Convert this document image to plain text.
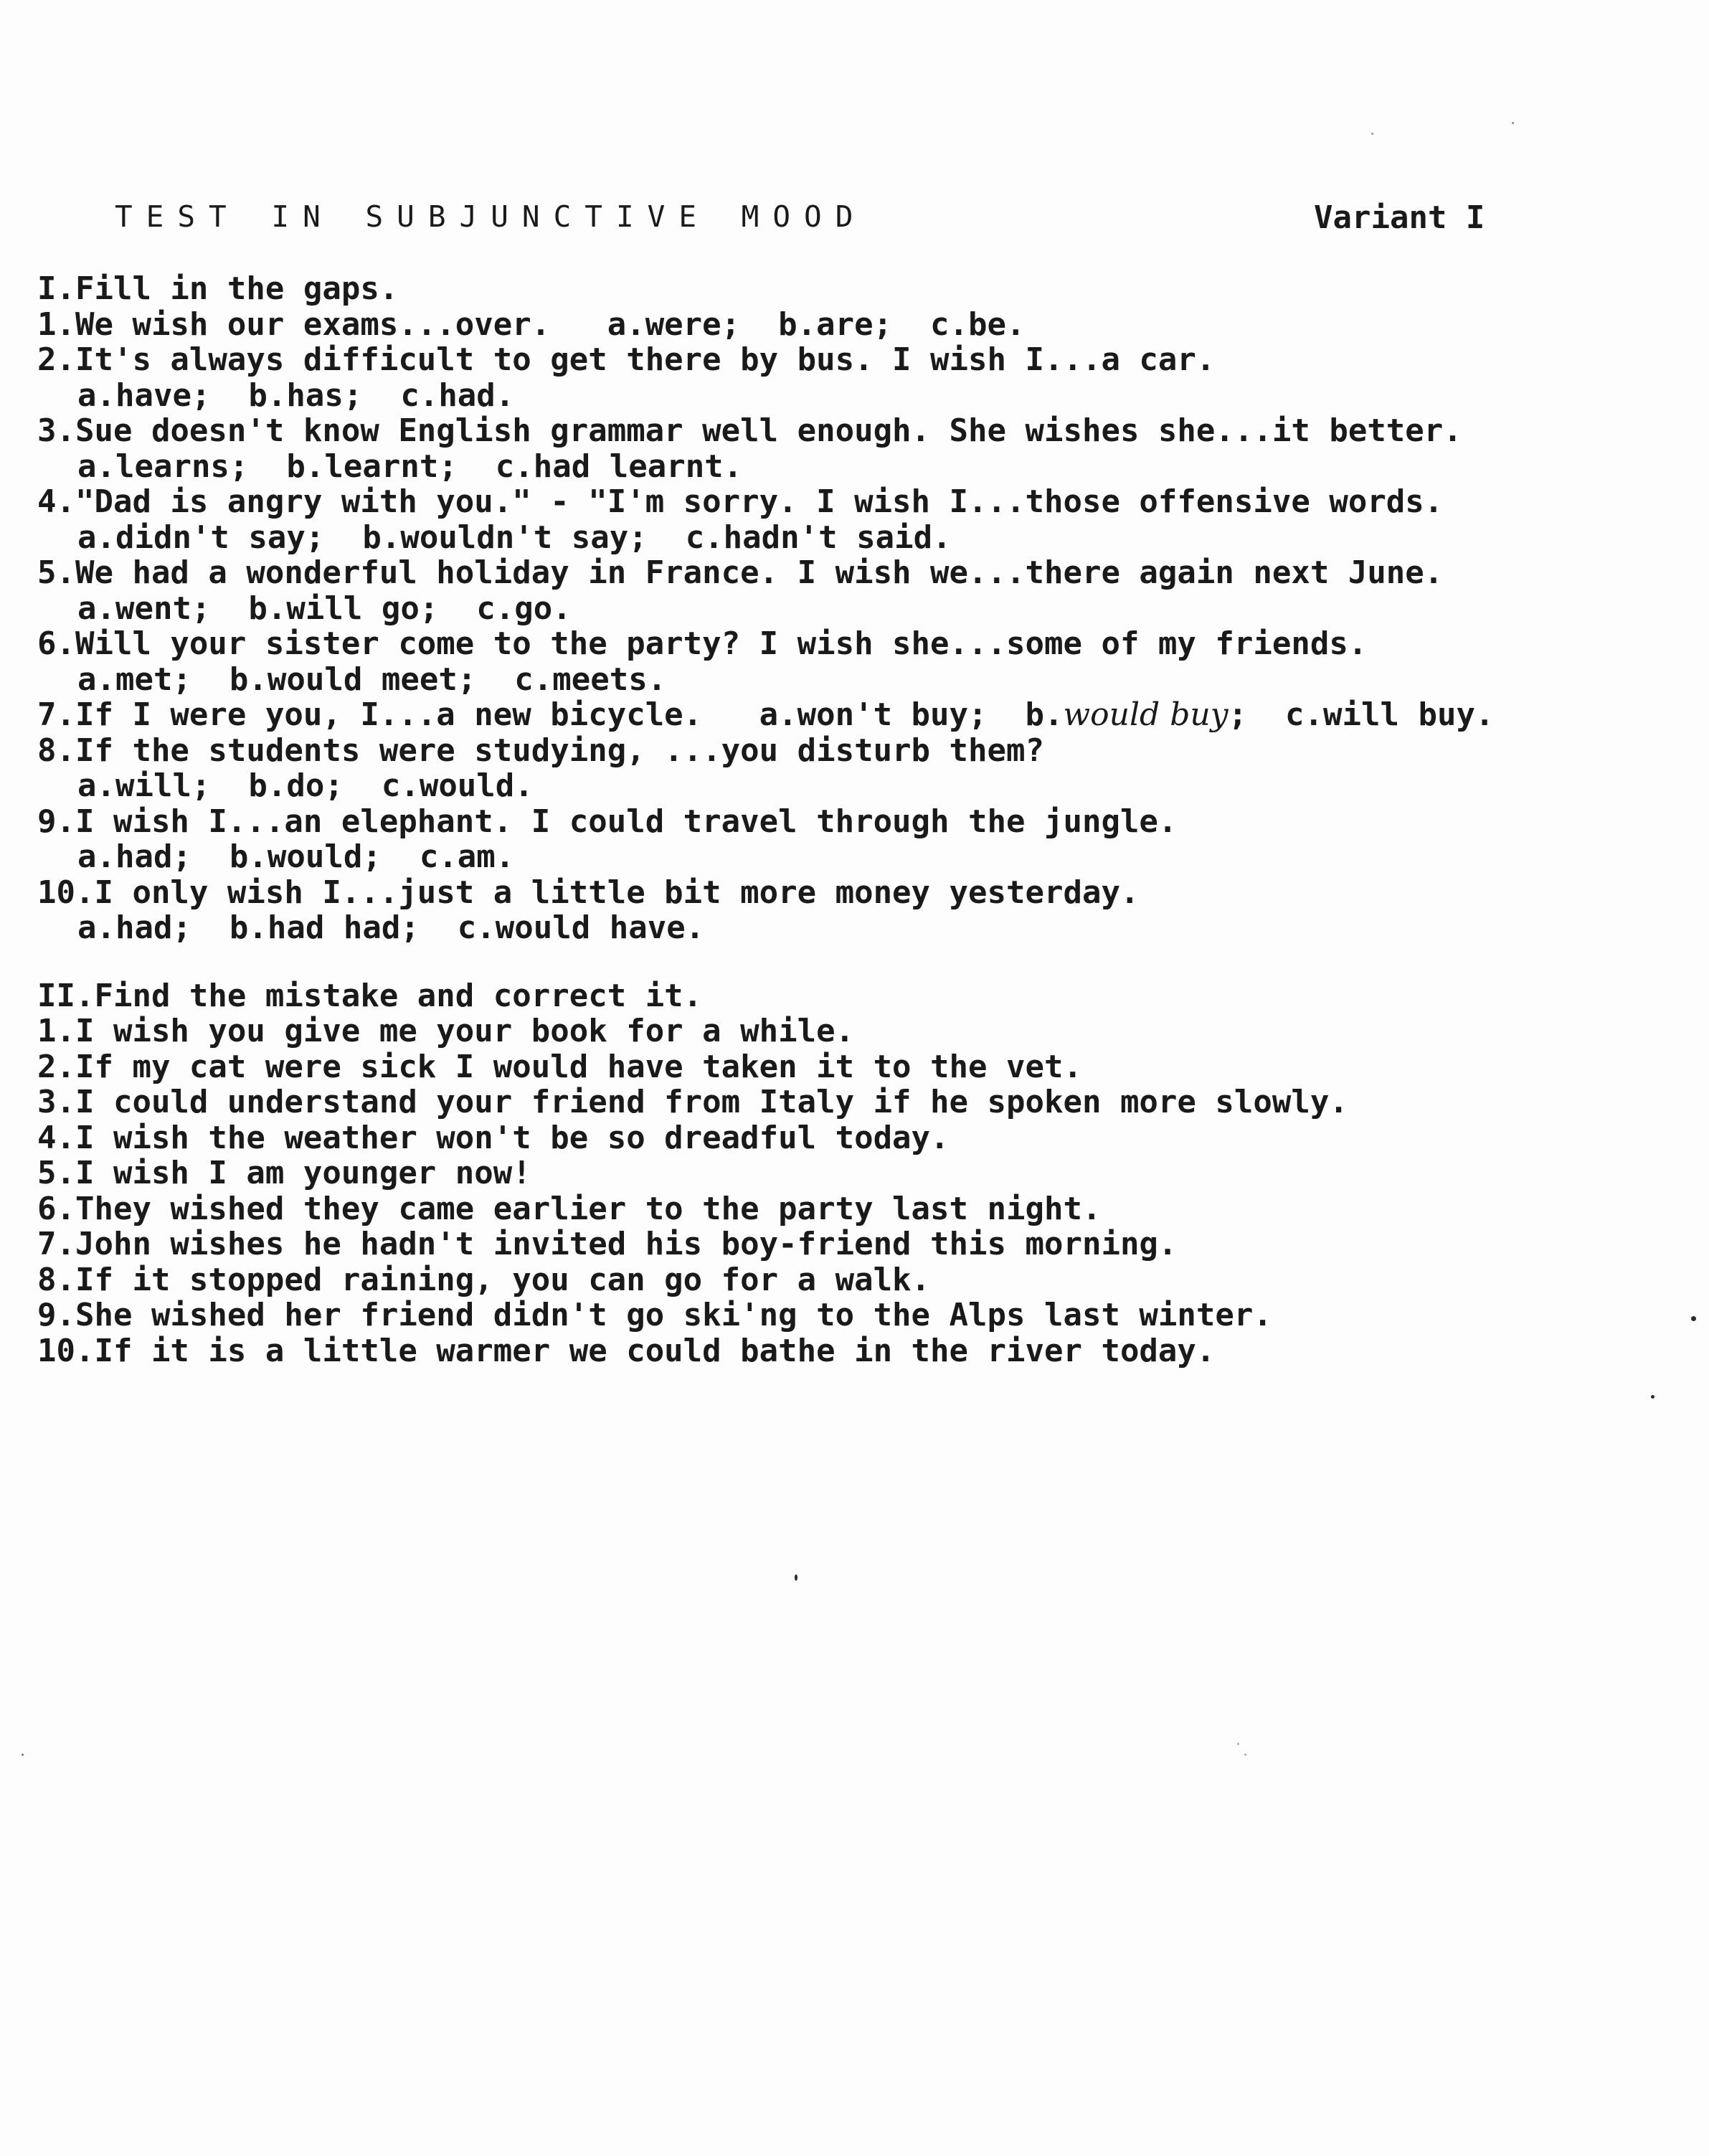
TEST IN SUBJUNCTIVE MOOD	Variant I
I.Fill in the gaps.
1.We wish our exams...over.   a.were;  b.are;  c.be.
2.It's always difficult to get there by bus. I wish I...a car.
a.have;  b.has;  c.had.
3.Sue doesn't know English grammar well enough. She wishes she...it better.
a.learns;  b.learnt;  c.had learnt.
4."Dad is angry with you." - "I'm sorry. I wish I...those offensive words.
a.didn't say;  b.wouldn't say;  c.hadn't said.
5.We had a wonderful holiday in France. I wish we...there again next June.
a.went;  b.will go;  c.go.
6.Will your sister come to the party? I wish she...some of my friends.
a.met;  b.would meet;  c.meets.
7.If I were you, I...a new bicycle.   a.won't buy;  b.would buy;  c.will buy.
8.If the students were studying, ...you disturb them?
a.will;  b.do;  c.would.
9.I wish I...an elephant. I could travel through the jungle.
a.had;  b.would;  c.am.
10.I only wish I...just a little bit more money yesterday.
a.had;  b.had had;  c.would have.
II.Find the mistake and correct it.
1.I wish you give me your book for a while.
2.If my cat were sick I would have taken it to the vet.
3.I could understand your friend from Italy if he spoken more slowly.
4.I wish the weather won't be so dreadful today.
5.I wish I am younger now!
6.They wished they came earlier to the party last night.
7.John wishes he hadn't invited his boy-friend this morning.
8.If it stopped raining, you can go for a walk.
9.She wished her friend didn't go ski'ng to the Alps last winter.
10.If it is a little warmer we could bathe in the river today.
